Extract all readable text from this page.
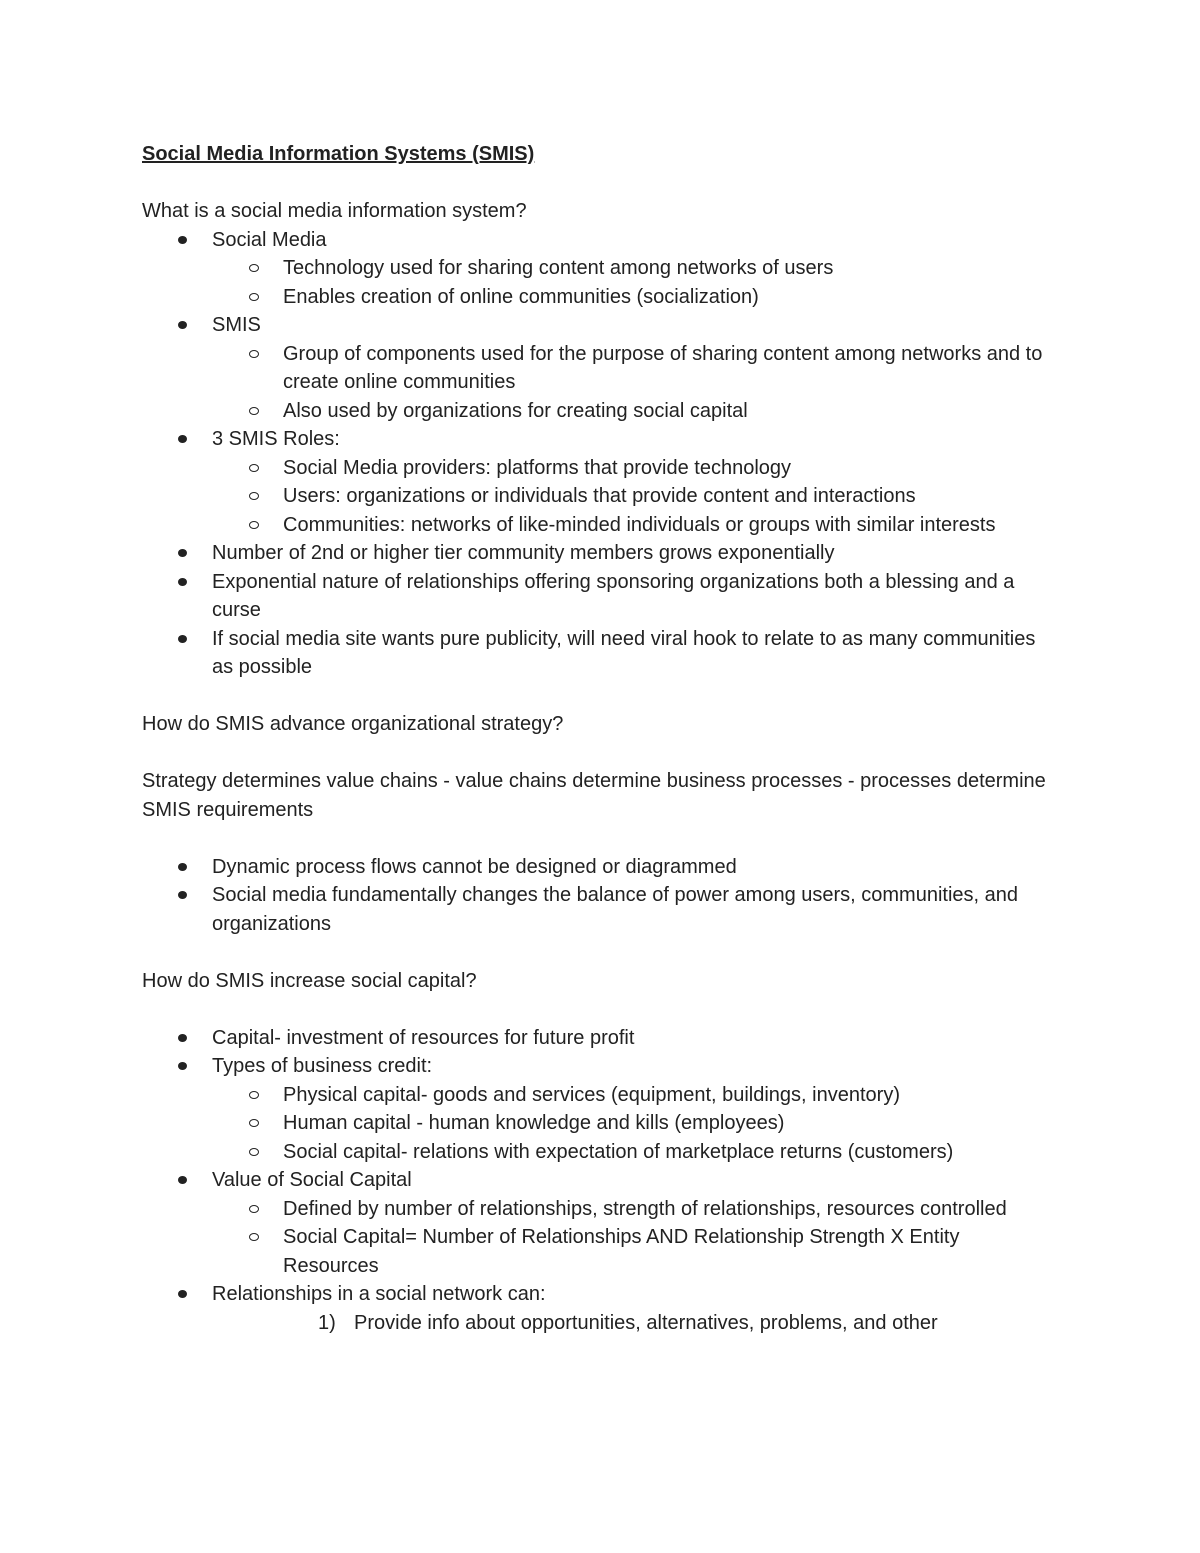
Social Media Information Systems (SMIS)

What is a social media information system?

Social Media
Technology used for sharing content among networks of users
Enables creation of online communities (socialization)
SMIS
Group of components used for the purpose of sharing content among networks and to create online communities
Also used by organizations for creating social capital
3 SMIS Roles:
Social Media providers: platforms that provide technology
Users: organizations or individuals that provide content and interactions
Communities: networks of like-minded individuals or groups with similar interests
Number of 2nd or higher tier community members grows exponentially
Exponential nature of relationships offering sponsoring organizations both a blessing and a curse
If social media site wants pure publicity, will need viral hook to relate to as many communities as possible

How do SMIS advance organizational strategy?

Strategy determines value chains - value chains determine business processes - processes determine SMIS requirements

Dynamic process flows cannot be designed or diagrammed
Social media fundamentally changes the balance of power among users, communities, and organizations

How do SMIS increase social capital?

Capital- investment of resources for future profit
Types of business credit:
Physical capital- goods and services (equipment, buildings, inventory)
Human capital - human knowledge and kills (employees)
Social capital- relations with expectation of marketplace returns (customers)
Value of Social Capital
Defined by number of relationships, strength of relationships, resources controlled
Social Capital= Number of Relationships AND Relationship Strength X Entity Resources
Relationships in a social network can:
1) Provide info about opportunities, alternatives, problems, and other
